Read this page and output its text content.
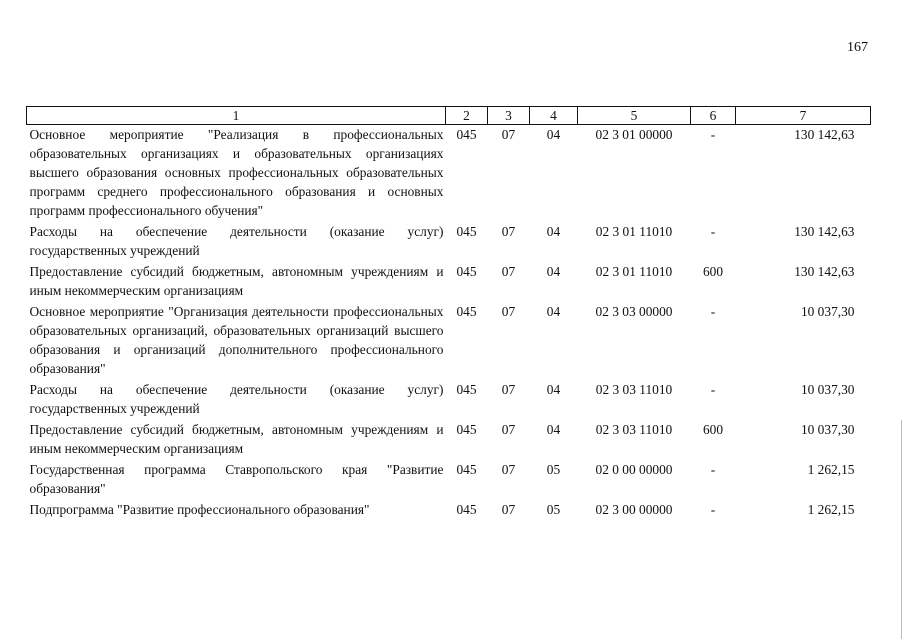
167
1	2	3	4	5	6	7
Основное мероприятие "Реализация в профессиональных образовательных организациях и образовательных организациях высшего образования основных профессиональных образовательных программ среднего профессионального образования и основных программ профессионального обучения"	045	07	04	02 3 01 00000	-	130 142,63
Расходы на обеспечение деятельности (оказание услуг) государственных учреждений	045	07	04	02 3 01 11010	-	130 142,63
Предоставление субсидий бюджетным, автономным учреждениям и иным некоммерческим организациям	045	07	04	02 3 01 11010	600	130 142,63
Основное мероприятие "Организация деятельности профессиональных образовательных организаций, образовательных организаций высшего образования и организаций дополнительного профессионального образования"	045	07	04	02 3 03 00000	-	10 037,30
Расходы на обеспечение деятельности (оказание услуг) государственных учреждений	045	07	04	02 3 03 11010	-	10 037,30
Предоставление субсидий бюджетным, автономным учреждениям и иным некоммерческим организациям	045	07	04	02 3 03 11010	600	10 037,30
Государственная программа Ставропольского края "Развитие образования"	045	07	05	02 0 00 00000	-	1 262,15
Подпрограмма "Развитие профессионального образования"	045	07	05	02 3 00 00000	-	1 262,15
